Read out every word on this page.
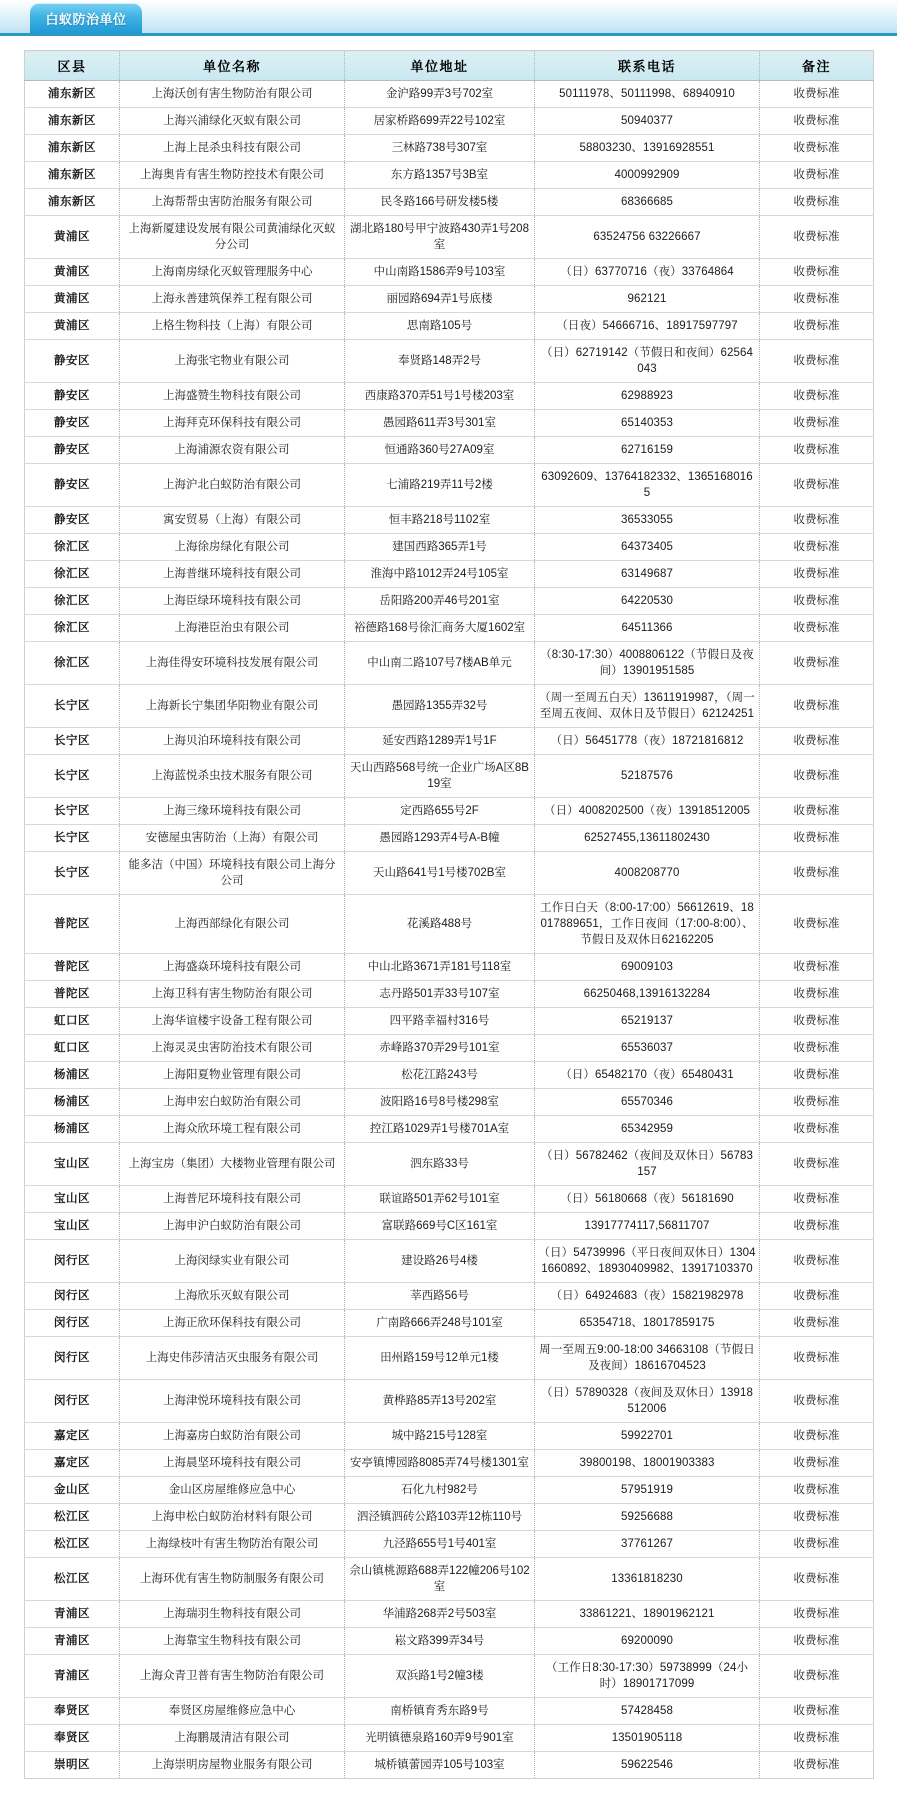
白蚁防治单位
区县	单位名称	单位地址	联系电话	备注
浦东新区	上海沃创有害生物防治有限公司	金沪路99弄3号702室	50111978、50111998、68940910	收费标准
浦东新区	上海兴浦绿化灭蚁有限公司	居家桥路699弄22号102室	50940377	收费标准
浦东新区	上海上昆杀虫科技有限公司	三林路738号307室	58803230、13916928551	收费标准
浦东新区	上海奥肯有害生物防控技术有限公司	东方路1357号3B室	4000992909	收费标准
浦东新区	上海帮帮虫害防治服务有限公司	民冬路166号研发楼5楼	68366685	收费标准
黄浦区	上海新厦建设发展有限公司黄浦绿化灭蚁分公司	湖北路180号甲宁波路430弄1号208室	63524756 63226667	收费标准
黄浦区	上海南房绿化灭蚁管理服务中心	中山南路1586弄9号103室	（日）63770716（夜）33764864	收费标准
黄浦区	上海永善建筑保养工程有限公司	丽园路694弄1号底楼	962121	收费标准
黄浦区	上格生物科技（上海）有限公司	思南路105号	（日夜）54666716、18917597797	收费标准
静安区	上海张宅物业有限公司	奉贤路148弄2号	（日）62719142（节假日和夜间）62564043	收费标准
静安区	上海盛赞生物科技有限公司	西康路370弄51号1号楼203室	62988923	收费标准
静安区	上海拜克环保科技有限公司	愚园路611弄3号301室	65140353	收费标准
静安区	上海浦源农资有限公司	恒通路360号27A09室	62716159	收费标准
静安区	上海沪北白蚁防治有限公司	七浦路219弄11号2楼	63092609、13764182332、13651680165	收费标准
静安区	寓安贸易（上海）有限公司	恒丰路218号1102室	36533055	收费标准
徐汇区	上海徐房绿化有限公司	建国西路365弄1号	64373405	收费标准
徐汇区	上海普继环境科技有限公司	淮海中路1012弄24号105室	63149687	收费标准
徐汇区	上海臣绿环境科技有限公司	岳阳路200弄46号201室	64220530	收费标准
徐汇区	上海港臣治虫有限公司	裕德路168号徐汇商务大厦1602室	64511366	收费标准
徐汇区	上海佳得安环境科技发展有限公司	中山南二路107号7楼AB单元	（8:30-17:30）4008806122（节假日及夜间）13901951585	收费标准
长宁区	上海新长宁集团华阳物业有限公司	愚园路1355弄32号	（周一至周五白天）13611919987，（周一至周五夜间、双休日及节假日）62124251	收费标准
长宁区	上海贝泊环境科技有限公司	延安西路1289弄1号1F	（日）56451778（夜）18721816812	收费标准
长宁区	上海蓝悦杀虫技术服务有限公司	天山西路568号统一企业广场A区8B19室	52187576	收费标准
长宁区	上海三缘环境科技有限公司	定西路655号2F	（日）4008202500（夜）13918512005	收费标准
长宁区	安德屋虫害防治（上海）有限公司	愚园路1293弄4号A-B幢	62527455,13611802430	收费标准
长宁区	能多洁（中国）环境科技有限公司上海分公司	天山路641号1号楼702B室	4008208770	收费标准
普陀区	上海西部绿化有限公司	花溪路488号	工作日白天（8:00-17:00）56612619、18017889651，工作日夜间（17:00-8:00）、节假日及双休日62162205	收费标准
普陀区	上海盛焱环境科技有限公司	中山北路3671弄181号118室	69009103	收费标准
普陀区	上海卫科有害生物防治有限公司	志丹路501弄33号107室	66250468,13916132284	收费标准
虹口区	上海华谊楼宇设备工程有限公司	四平路幸福村316号	65219137	收费标准
虹口区	上海灵灵虫害防治技术有限公司	赤峰路370弄29号101室	65536037	收费标准
杨浦区	上海阳夏物业管理有限公司	松花江路243号	（日）65482170（夜）65480431	收费标准
杨浦区	上海申宏白蚁防治有限公司	波阳路16号8号楼298室	65570346	收费标准
杨浦区	上海众欣环境工程有限公司	控江路1029弄1号楼701A室	65342959	收费标准
宝山区	上海宝房（集团）大楼物业管理有限公司	泗东路33号	（日）56782462（夜间及双休日）56783157	收费标准
宝山区	上海普尼环境科技有限公司	联谊路501弄62号101室	（日）56180668（夜）56181690	收费标准
宝山区	上海申沪白蚁防治有限公司	富联路669号C区161室	13917774117,56811707	收费标准
闵行区	上海闵绿实业有限公司	建设路26号4楼	（日）54739996（平日夜间双休日）13041660892、18930409982、13917103370	收费标准
闵行区	上海欣乐灭蚁有限公司	莘西路56号	（日）64924683（夜）15821982978	收费标准
闵行区	上海正欣环保科技有限公司	广南路666弄248号101室	65354718、18017859175	收费标准
闵行区	上海史伟莎清洁灭虫服务有限公司	田州路159号12单元1楼	周一至周五9:00-18:00 34663108（节假日及夜间）18616704523	收费标准
闵行区	上海津悦环境科技有限公司	黄桦路85弄13号202室	（日）57890328（夜间及双休日）13918512006	收费标准
嘉定区	上海嘉房白蚁防治有限公司	城中路215号128室	59922701	收费标准
嘉定区	上海晨坚环境科技有限公司	安亭镇博园路8085弄74号楼1301室	39800198、18001903383	收费标准
金山区	金山区房屋维修应急中心	石化九村982号	57951919	收费标准
松江区	上海申松白蚁防治材料有限公司	泗泾镇泗砖公路103弄12栋110号	59256688	收费标准
松江区	上海绿枝叶有害生物防治有限公司	九泾路655号1号401室	37761267	收费标准
松江区	上海环优有害生物防制服务有限公司	佘山镇桃源路688弄122幢206号102室	13361818230	收费标准
青浦区	上海瑞羽生物科技有限公司	华浦路268弄2号503室	33861221、18901962121	收费标准
青浦区	上海靠宝生物科技有限公司	崧文路399弄34号	69200090	收费标准
青浦区	上海众青卫普有害生物防治有限公司	双浜路1号2幢3楼	（工作日8:30-17:30）59738999（24小时）18901717099	收费标准
奉贤区	奉贤区房屋维修应急中心	南桥镇育秀东路9号	57428458	收费标准
奉贤区	上海鹏晟清洁有限公司	光明镇德泉路160弄9号901室	13501905118	收费标准
崇明区	上海崇明房屋物业服务有限公司	城桥镇蕾园弄105号103室	59622546	收费标准
